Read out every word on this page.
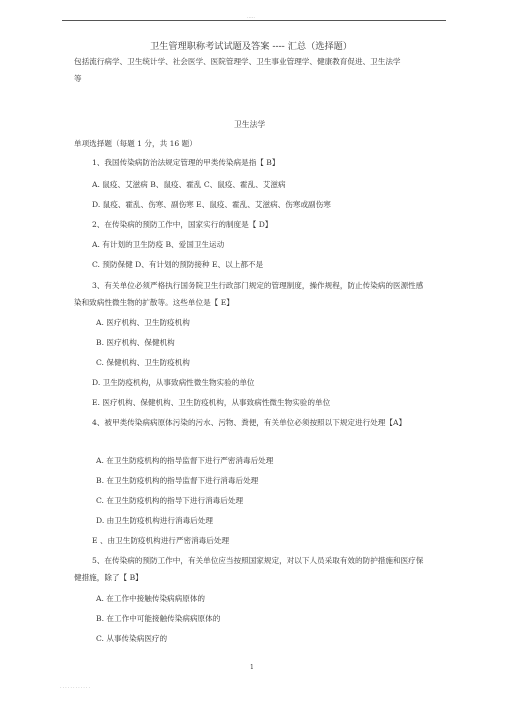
.....
卫生管理职称考试试题及答案 ---- 汇总（选择题）
包括流行病学、卫生统计学、社会医学、医院管理学、卫生事业管理学、健康教育促进、卫生法学等
卫生法学
单项选择题（每题 1 分，共 16 题）
1、我国传染病防治法规定管理的甲类传染病是指【 B】
A. 鼠疫、艾滋病 B、鼠疫、霍乱 C、鼠疫、霍乱、艾滋病
D. 鼠疫、霍乱、伤寒、副伤寒 E、鼠疫、霍乱、艾滋病、伤寒或副伤寒
2、在传染病的预防工作中，国家实行的制度是【 D】
A. 有计划的卫生防疫 B、爱国卫生运动
C. 预防保健 D、有计划的预防接种 E、以上都不是
3、有关单位必须严格执行国务院卫生行政部门规定的管理制度，操作规程，防止传染病的医源性感染和致病性微生物的扩散等。这些单位是【 E】
A. 医疗机构、卫生防疫机构
B. 医疗机构、保健机构
C. 保健机构、卫生防疫机构
D. 卫生防疫机构，从事致病性微生物实验的单位
E. 医疗机构、保健机构、卫生防疫机构，从事致病性微生物实验的单位
4、被甲类传染病病原体污染的污水、污物、粪便，有关单位必须按照以下规定进行处理【A】
A. 在卫生防疫机构的指导监督下进行严密消毒后处理
B. 在卫生防疫机构的指导监督下进行消毒后处理
C. 在卫生防疫机构的指导下进行消毒后处理
D. 由卫生防疫机构进行消毒后处理
E 、由卫生防疫机构进行严密消毒后处理
5、在传染病的预防工作中，有关单位应当按照国家规定，对以下人员采取有效的防护措施和医疗保健措施，除了【 B】
A. 在工作中接触传染病病原体的
B. 在工作中可能接触传染病病原体的
C. 从事传染病医疗的
1
............
